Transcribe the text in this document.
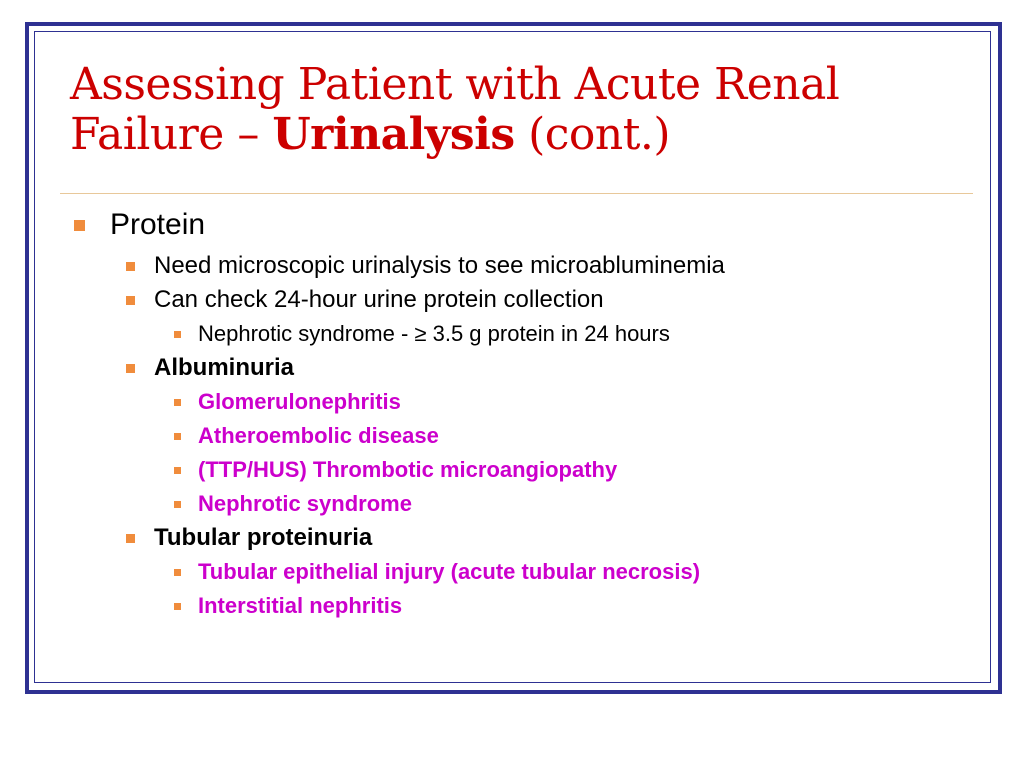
Assessing Patient with Acute Renal Failure – Urinalysis (cont.)
Protein
Need microscopic urinalysis to see microabluminemia
Can check 24-hour urine protein collection
Nephrotic syndrome - ≥ 3.5 g protein in 24 hours
Albuminuria
Glomerulonephritis
Atheroembolic disease
(TTP/HUS) Thrombotic microangiopathy
Nephrotic syndrome
Tubular proteinuria
Tubular epithelial injury (acute tubular necrosis)
Interstitial nephritis
